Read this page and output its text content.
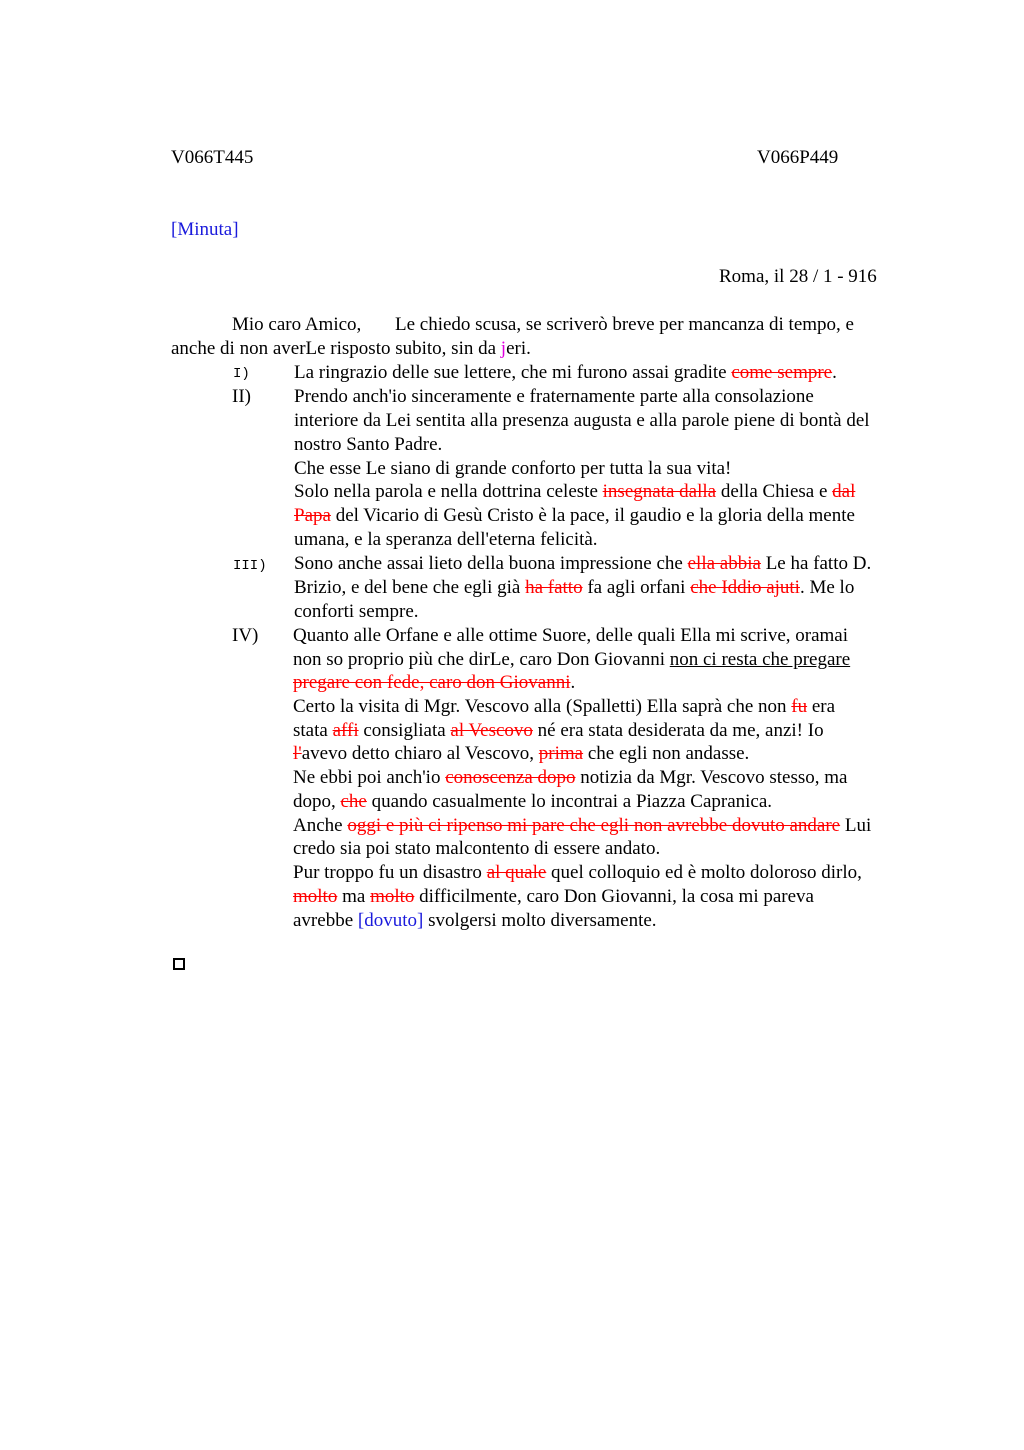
V066T445	V066P449
[Minuta]
Roma, il 28 / 1 - 916
Mio caro Amico, Le chiedo scusa, se scriverò breve per mancanza di tempo, e
anche di non averLe risposto subito, sin da jeri.
I) La ringrazio delle sue lettere, che mi furono assai gradite come sempre.
II) Prendo anch'io sinceramente e fraternamente parte alla consolazione
interiore da Lei sentita alla presenza augusta e alla parole piene di bontà del
nostro Santo Padre.
Che esse Le siano di grande conforto per tutta la sua vita!
Solo nella parola e nella dottrina celeste insegnata dalla della Chiesa e dal
Papa del Vicario di Gesù Cristo è la pace, il gaudio e la gloria della mente
umana, e la speranza dell'eterna felicità.
III) Sono anche assai lieto della buona impressione che ella abbia Le ha fatto D.
Brizio, e del bene che egli già ha fatto fa agli orfani che Iddio ajuti. Me lo
conforti sempre.
IV) Quanto alle Orfane e alle ottime Suore, delle quali Ella mi scrive, oramai
non so proprio più che dirLe, caro Don Giovanni non ci resta che pregare
pregare con fede, caro don Giovanni.
Certo la visita di Mgr. Vescovo alla (Spalletti) Ella saprà che non fu era
stata affi consigliata al Vescovo né era stata desiderata da me, anzi! Io
l'avevo detto chiaro al Vescovo, prima che egli non andasse.
Ne ebbi poi anch'io conoscenza dopo notizia da Mgr. Vescovo stesso, ma
dopo, che quando casualmente lo incontrai a Piazza Capranica.
Anche oggi e più ci ripenso mi pare che egli non avrebbe dovuto andare Lui
credo sia poi stato malcontento di essere andato.
Pur troppo fu un disastro al quale quel colloquio ed è molto doloroso dirlo,
molto ma molto difficilmente, caro Don Giovanni, la cosa mi pareva
avrebbe [dovuto] svolgersi molto diversamente.
